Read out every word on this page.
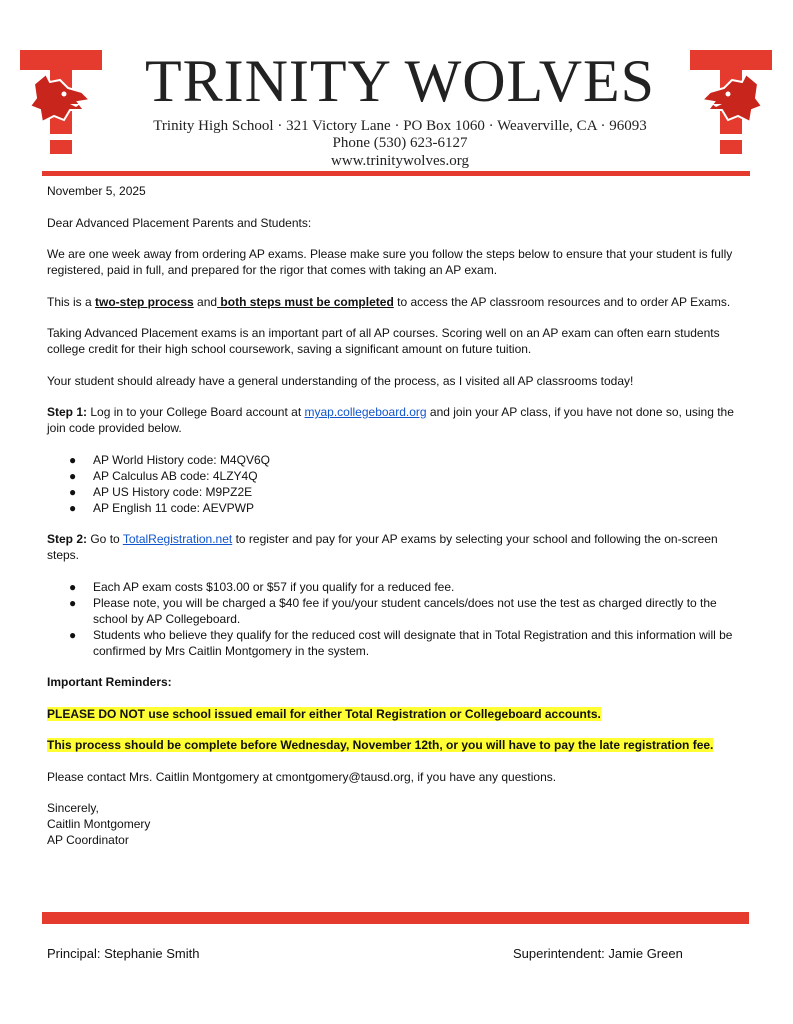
TRINITY WOLVES
Trinity High School · 321 Victory Lane · PO Box 1060 · Weaverville, CA · 96093
Phone (530) 623-6127
www.trinitywolves.org

November 5, 2025

Dear Advanced Placement Parents and Students:

We are one week away from ordering AP exams. Please make sure you follow the steps below to ensure that your student is fully registered, paid in full, and prepared for the rigor that comes with taking an AP exam.

This is a two-step process and both steps must be completed to access the AP classroom resources and to order AP Exams.

Taking Advanced Placement exams is an important part of all AP courses. Scoring well on an AP exam can often earn students college credit for their high school coursework, saving a significant amount on future tuition.

Your student should already have a general understanding of the process, as I visited all AP classrooms today!

Step 1: Log in to your College Board account at myap.collegeboard.org and join your AP class, if you have not done so, using the join code provided below.

● AP World History code: M4QV6Q
● AP Calculus AB code: 4LZY4Q
● AP US History code: M9PZ2E
● AP English 11 code: AEVPWP

Step 2: Go to TotalRegistration.net to register and pay for your AP exams by selecting your school and following the on-screen steps.

● Each AP exam costs $103.00 or $57 if you qualify for a reduced fee.
● Please note, you will be charged a $40 fee if you/your student cancels/does not use the test as charged directly to the school by AP Collegeboard.
● Students who believe they qualify for the reduced cost will designate that in Total Registration and this information will be confirmed by Mrs Caitlin Montgomery in the system.

Important Reminders:

PLEASE DO NOT use school issued email for either Total Registration or Collegeboard accounts.

This process should be complete before Wednesday, November 12th, or you will have to pay the late registration fee.

Please contact Mrs. Caitlin Montgomery at cmontgomery@tausd.org, if you have any questions.

Sincerely,
Caitlin Montgomery
AP Coordinator
Principal: Stephanie Smith	Superintendent: Jamie Green
